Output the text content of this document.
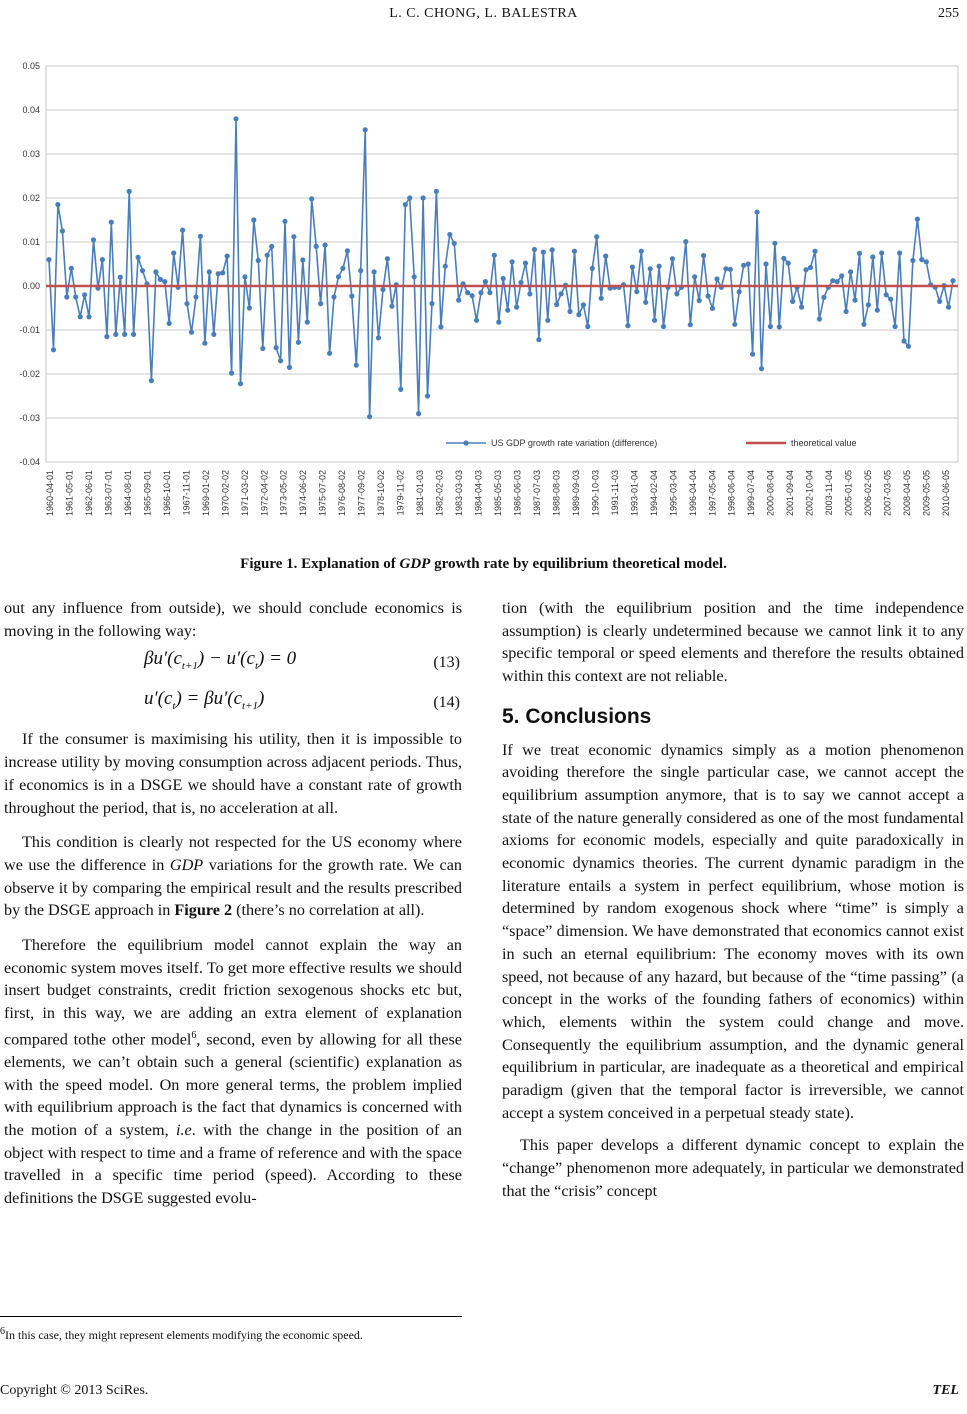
L. C. CHONG, L. BALESTRA	255
0.05
0.04
0.03
0.02
0.01
0.00
-0.01
-0.02
-0.03
-0.04
1960-04-01 1961-05-01 1962-06-01 1963-07-01 1964-08-01 1965-09-01 1966-10-01 1967-11-01 1969-01-02 1970-02-02 1971-03-02 1972-04-02 1973-05-02 1974-06-02 1975-07-02 1976-08-02 1977-09-02 1978-10-02 1979-11-02 1981-01-03 1982-02-03 1983-03-03 1984-04-03 1985-05-03 1986-06-03 1987-07-03 1988-08-03 1989-09-03 1990-10-03 1991-11-03 1993-01-04 1994-02-04 1995-03-04 1996-04-04 1997-05-04 1998-06-04 1999-07-04 2000-08-04 2001-09-04 2002-10-04 2003-11-04 2005-01-05 2006-02-05 2007-03-05 2008-04-05 2009-05-05 2010-06-05
US GDP growth rate variation (difference)	theoretical value
Figure 1. Explanation of GDP growth rate by equilibrium theoretical model.

out any influence from outside), we should conclude economics is moving in the following way:

$\beta u'(c_{t+1}) - u'(c_t) = 0$	(13)
$u'(c_t) = \beta u'(c_{t+1})$	(14)

If the consumer is maximising his utility, then it is impossible to increase utility by moving consumption across adjacent periods. Thus, if economics is in a DSGE we should have a constant rate of growth throughout the period, that is, no acceleration at all.

This condition is clearly not respected for the US economy where we use the difference in GDP variations for the growth rate. We can observe it by comparing the empirical result and the results prescribed by the DSGE approach in Figure 2 (there’s no correlation at all).

Therefore the equilibrium model cannot explain the way an economic system moves itself. To get more effective results we should insert budget constraints, credit friction sexogenous shocks etc but, first, in this way, we are adding an extra element of explanation compared tothe other model$^6$, second, even by allowing for all these elements, we can’t obtain such a general (scientific) explanation as with the speed model. On more general terms, the problem implied with equilibrium approach is the fact that dynamics is concerned with the motion of a system, i.e. with the change in the position of an object with respect to time and a frame of reference and with the space travelled in a specific time period (speed). According to these definitions the DSGE suggested evolu-

tion (with the equilibrium position and the time independence assumption) is clearly undetermined because we cannot link it to any specific temporal or speed elements and therefore the results obtained within this context are not reliable.

5. Conclusions

If we treat economic dynamics simply as a motion phenomenon avoiding therefore the single particular case, we cannot accept the equilibrium assumption anymore, that is to say we cannot accept a state of the nature generally considered as one of the most fundamental axioms for economic models, especially and quite paradoxically in economic dynamics theories. The current dynamic paradigm in the literature entails a system in perfect equilibrium, whose motion is determined by random exogenous shock where “time” is simply a “space” dimension. We have demonstrated that economics cannot exist in such an eternal equilibrium: The economy moves with its own speed, not because of any hazard, but because of the “time passing” (a concept in the works of the founding fathers of economics) within which, elements within the system could change and move. Consequently the equilibrium assumption, and the dynamic general equilibrium in particular, are inadequate as a theoretical and empirical paradigm (given that the temporal factor is irreversible, we cannot accept a system conceived in a perpetual steady state).

This paper develops a different dynamic concept to explain the “change” phenomenon more adequately, in particular we demonstrated that the “crisis” concept

$^6$In this case, they might represent elements modifying the economic speed.
Copyright © 2013 SciRes.	TEL
